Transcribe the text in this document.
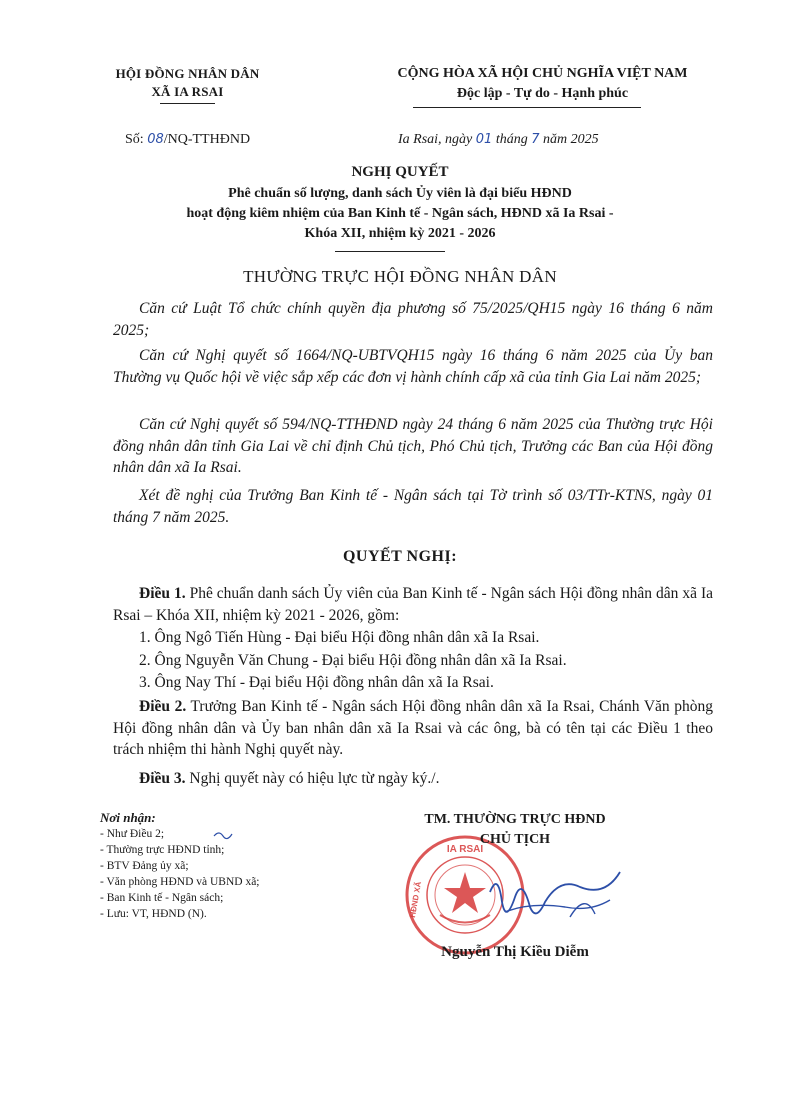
HỘI ĐỒNG NHÂN DÂN
XÃ IA RSAI
CỘNG HÒA XÃ HỘI CHỦ NGHĨA VIỆT NAM
Độc lập - Tự do - Hạnh phúc
Số: 08/NQ-TTHĐND	Ia Rsai, ngày 01 tháng 7 năm 2025
NGHỊ QUYẾT
Phê chuẩn số lượng, danh sách Ủy viên là đại biểu HĐND
hoạt động kiêm nhiệm của Ban Kinh tế - Ngân sách, HĐND xã Ia Rsai -
Khóa XII, nhiệm kỳ 2021 - 2026
THƯỜNG TRỰC HỘI ĐỒNG NHÂN DÂN
Căn cứ Luật Tổ chức chính quyền địa phương số 75/2025/QH15 ngày 16 tháng 6 năm 2025;
Căn cứ Nghị quyết số 1664/NQ-UBTVQH15 ngày 16 tháng 6 năm 2025 của Ủy ban Thường vụ Quốc hội về việc sắp xếp các đơn vị hành chính cấp xã của tỉnh Gia Lai năm 2025;
Căn cứ Nghị quyết số 594/NQ-TTHĐND ngày 24 tháng 6 năm 2025 của Thường trực Hội đồng nhân dân tỉnh Gia Lai về chỉ định Chủ tịch, Phó Chủ tịch, Trưởng các Ban của Hội đồng nhân dân xã Ia Rsai.
Xét đề nghị của Trưởng Ban Kinh tế - Ngân sách tại Tờ trình số 03/TTr-KTNS, ngày 01 tháng 7 năm 2025.
QUYẾT NGHỊ:
Điều 1. Phê chuẩn danh sách Ủy viên của Ban Kinh tế - Ngân sách Hội đồng nhân dân xã Ia Rsai – Khóa XII, nhiệm kỳ 2021 - 2026, gồm:
1. Ông Ngô Tiến Hùng - Đại biểu Hội đồng nhân dân xã Ia Rsai.
2. Ông Nguyễn Văn Chung - Đại biểu Hội đồng nhân dân xã Ia Rsai.
3. Ông Nay Thí - Đại biểu Hội đồng nhân dân xã Ia Rsai.
Điều 2. Trưởng Ban Kinh tế - Ngân sách Hội đồng nhân dân xã Ia Rsai, Chánh Văn phòng Hội đồng nhân dân và Ủy ban nhân dân xã Ia Rsai và các ông, bà có tên tại các Điều 1 theo trách nhiệm thi hành Nghị quyết này.
Điều 3. Nghị quyết này có hiệu lực từ ngày ký./.
Nơi nhận:
- Như Điều 2;
- Thường trực HĐND tỉnh;
- BTV Đảng ủy xã;
- Văn phòng HĐND và UBND xã;
- Ban Kinh tế - Ngân sách;
- Lưu: VT, HĐND (N).
IA RSAI
HĐND XÃ
TM. THƯỜNG TRỰC HĐND
CHỦ TỊCH
Nguyễn Thị Kiều Diễm
